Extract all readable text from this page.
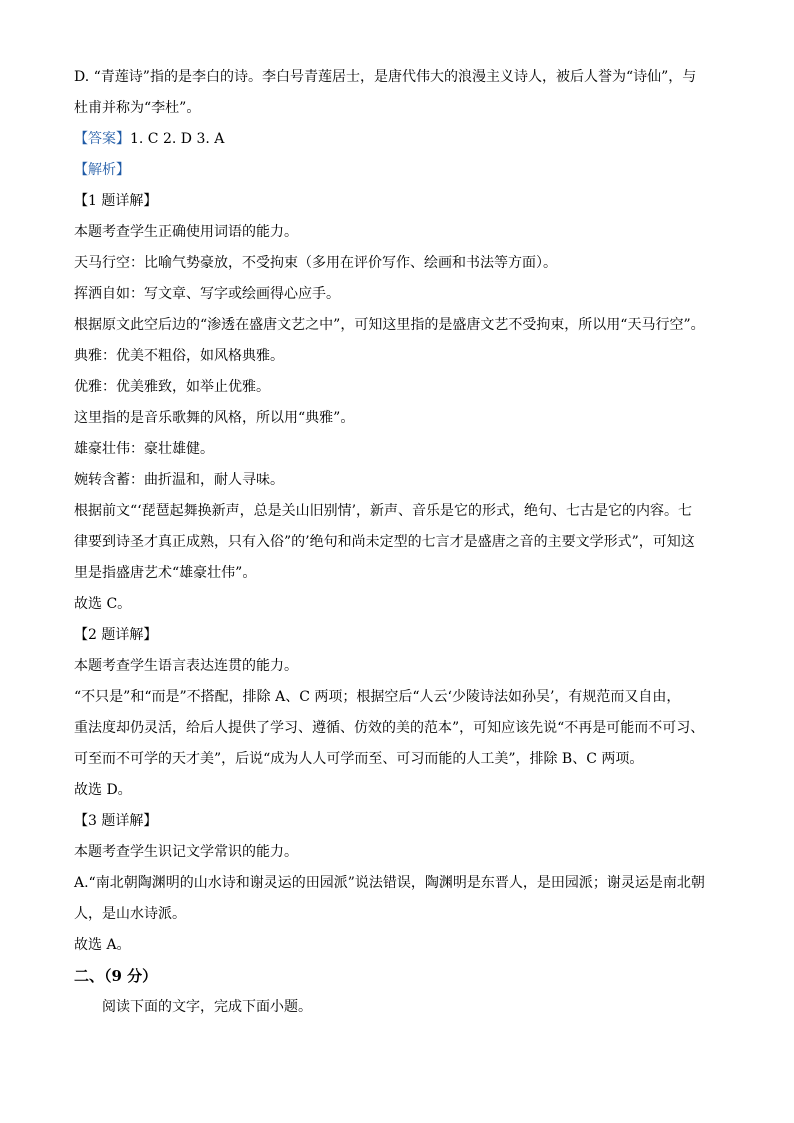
D. “青莲诗”指的是李白的诗。李白号青莲居士，是唐代伟大的浪漫主义诗人，被后人誉为“诗仙”，与
杜甫并称为“李杜”。
【答案】1. C 2. D 3. A
【解析】
【1 题详解】
本题考查学生正确使用词语的能力。
天马行空：比喻气势豪放，不受拘束（多用在评价写作、绘画和书法等方面）。
挥洒自如：写文章、写字或绘画得心应手。
根据原文此空后边的“渗透在盛唐文艺之中”，可知这里指的是盛唐文艺不受拘束，所以用“天马行空”。
典雅：优美不粗俗，如风格典雅。
优雅：优美雅致，如举止优雅。
这里指的是音乐歌舞的风格，所以用“典雅”。
雄豪壮伟：豪壮雄健。
婉转含蓄：曲折温和，耐人寻味。
根据前文“‘琵琶起舞换新声，总是关山旧别情’，新声、音乐是它的形式，绝句、七古是它的内容。七
律要到诗圣才真正成熟，只有入俗”的’绝句和尚未定型的七言才是盛唐之音的主要文学形式”，可知这
里是指盛唐艺术“雄豪壮伟”。
故选 C。
【2 题详解】
本题考查学生语言表达连贯的能力。
“不只是”和“而是”不搭配，排除 A、C 两项；根据空后“人云‘少陵诗法如孙吴’，有规范而又自由，
重法度却仍灵活，给后人提供了学习、遵循、仿效的美的范本”，可知应该先说“不再是可能而不可习、
可至而不可学的天才美”，后说“成为人人可学而至、可习而能的人工美”，排除 B、C 两项。
故选 D。
【3 题详解】
本题考查学生识记文学常识的能力。
A.“南北朝陶渊明的山水诗和谢灵运的田园派”说法错误，陶渊明是东晋人，是田园派；谢灵运是南北朝
人，是山水诗派。
故选 A。
二、（9 分）
阅读下面的文字，完成下面小题。
